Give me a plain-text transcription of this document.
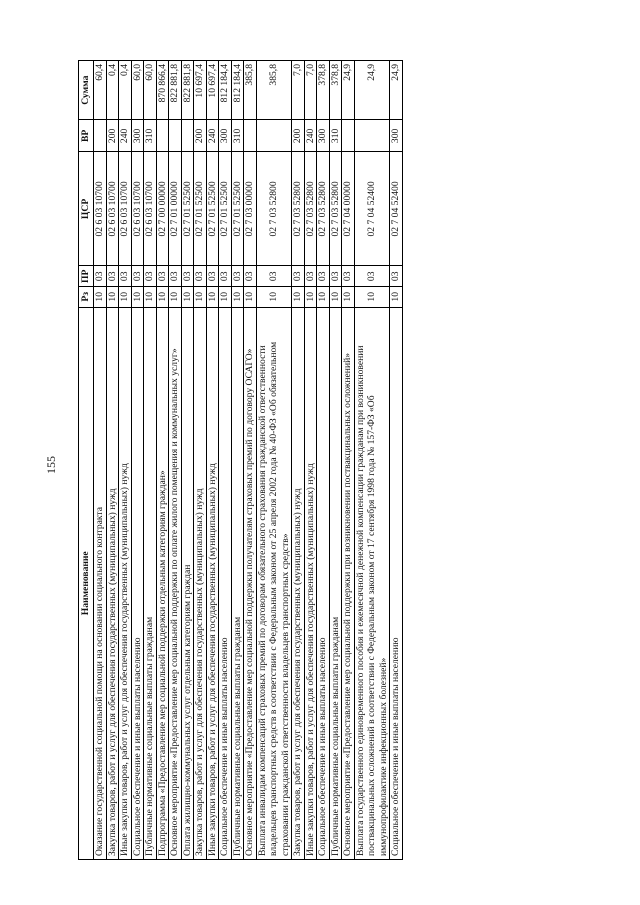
155
Наименование	Рз	ПР	ЦСР	ВР	Сумма
Оказание государственной социальной помощи на основании социального контракта	10	03	02 6 03 10700		60,4
Закупка товаров, работ и услуг для обеспечения государственных (муниципальных) нужд	10	03	02 6 03 10700	200	0,4
Иные закупки товаров, работ и услуг для обеспечения государственных (муниципальных) нужд	10	03	02 6 03 10700	240	0,4
Социальное обеспечение и иные выплаты населению	10	03	02 6 03 10700	300	60,0
Публичные нормативные социальные выплаты гражданам	10	03	02 6 03 10700	310	60,0
Подпрограмма «Предоставление мер социальной поддержки отдельным категориям граждан»	10	03	02 7 00 00000		870 866,4
Основное мероприятие «Предоставление мер социальной поддержки по оплате жилого помещения и коммунальных услуг»	10	03	02 7 01 00000		822 881,8
Оплата жилищно-коммунальных услуг отдельным категориям граждан	10	03	02 7 01 52500		822 881,8
Закупка товаров, работ и услуг для обеспечения государственных (муниципальных) нужд	10	03	02 7 01 52500	200	10 697,4
Иные закупки товаров, работ и услуг для обеспечения государственных (муниципальных) нужд	10	03	02 7 01 52500	240	10 697,4
Социальное обеспечение и иные выплаты населению	10	03	02 7 01 52500	300	812 184,4
Публичные нормативные социальные выплаты гражданам	10	03	02 7 01 52500	310	812 184,4
Основное мероприятие «Предоставление мер социальной поддержки получателям страховых премий по договору ОСАГО»	10	03	02 7 03 00000		385,8
Выплата инвалидам компенсаций страховых премий по договорам обязательного страхования гражданской ответственности владельцев транспортных средств в соответствии с Федеральным законом от 25 апреля 2002 года № 40-ФЗ «Об обязательном страховании гражданской ответственности владельцев транспортных средств»	10	03	02 7 03 52800		385,8
Закупка товаров, работ и услуг для обеспечения государственных (муниципальных) нужд	10	03	02 7 03 52800	200	7,0
Иные закупки товаров, работ и услуг для обеспечения государственных (муниципальных) нужд	10	03	02 7 03 52800	240	7,0
Социальное обеспечение и иные выплаты населению	10	03	02 7 03 52800	300	378,8
Публичные нормативные социальные выплаты гражданам	10	03	02 7 03 52800	310	378,8
Основное мероприятие «Предоставление мер социальной поддержки при возникновении поствакцинальных осложнений»	10	03	02 7 04 00000		24,9
Выплата государственного единовременного пособия и ежемесячной денежной компенсации гражданам при возникновении поствакцинальных осложнений в соответствии с Федеральным законом от 17 сентября 1998 года № 157-ФЗ «Об иммунопрофилактике инфекционных болезней»	10	03	02 7 04 52400		24,9
Социальное обеспечение и иные выплаты населению	10	03	02 7 04 52400	300	24,9
